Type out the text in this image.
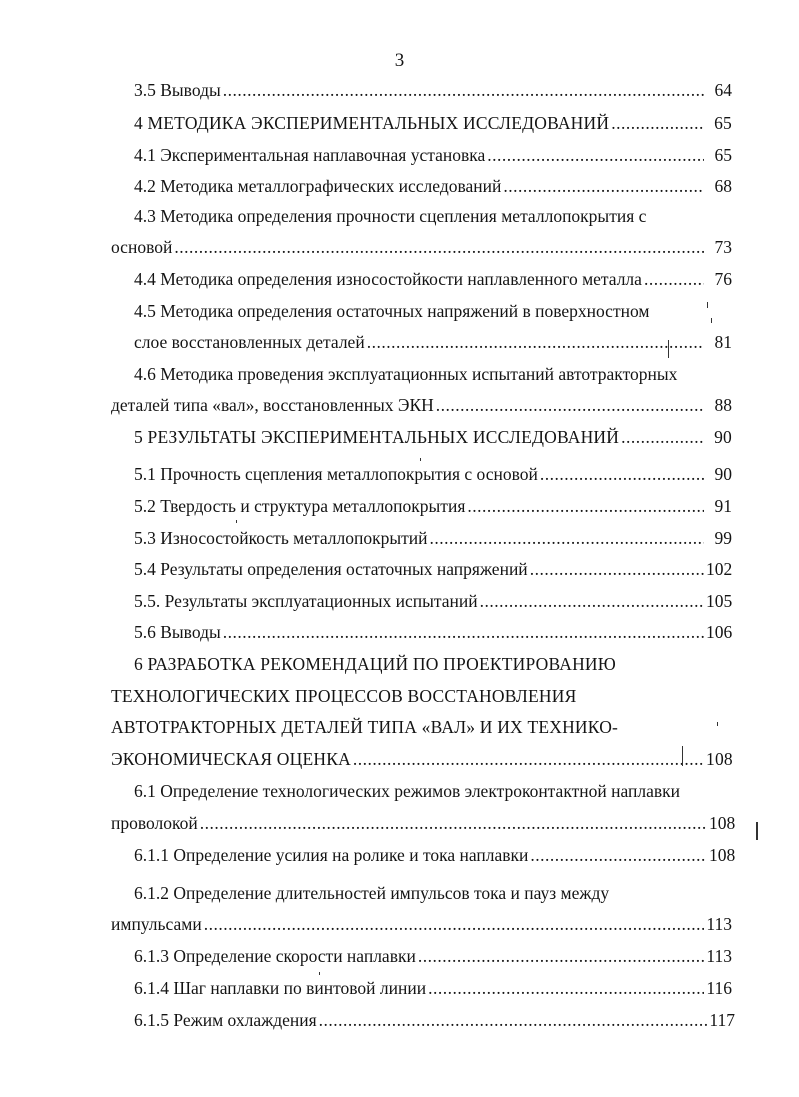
3
3.5 Выводы .....	64
4 МЕТОДИКА ЭКСПЕРИМЕНТАЛЬНЫХ ИССЛЕДОВАНИЙ .....	65
4.1 Экспериментальная наплавочная установка .....	65
4.2 Методика металлографических исследований .....	68
4.3 Методика определения прочности сцепления металлопокрытия с
основой .....	73
4.4 Методика определения износостойкости наплавленного металла .....	76
4.5 Методика определения остаточных напряжений в поверхностном
слое восстановленных деталей .....	81
4.6 Методика проведения эксплуатационных испытаний автотракторных
деталей типа «вал», восстановленных ЭКН .....	88
5 РЕЗУЛЬТАТЫ ЭКСПЕРИМЕНТАЛЬНЫХ ИССЛЕДОВАНИЙ .....	90
5.1 Прочность сцепления металлопокрытия с основой .....	90
5.2 Твердость и структура металлопокрытия .....	91
5.3 Износостойкость металлопокрытий .....	99
5.4 Результаты определения остаточных напряжений .....	102
5.5. Результаты эксплуатационных испытаний .....	105
5.6 Выводы .....	106
6 РАЗРАБОТКА РЕКОМЕНДАЦИЙ ПО ПРОЕКТИРОВАНИЮ
ТЕХНОЛОГИЧЕСКИХ ПРОЦЕССОВ ВОССТАНОВЛЕНИЯ
АВТОТРАКТОРНЫХ ДЕТАЛЕЙ ТИПА «ВАЛ» И ИХ ТЕХНИКО-
ЭКОНОМИЧЕСКАЯ ОЦЕНКА .....	108
6.1 Определение технологических режимов электроконтактной наплавки
проволокой .....	108
6.1.1 Определение усилия на ролике и тока наплавки .....	108
6.1.2 Определение длительностей импульсов тока и пауз между
импульсами .....	113
6.1.3 Определение скорости наплавки .....	113
6.1.4 Шаг наплавки по винтовой линии .....	116
6.1.5 Режим охлаждения .....	117
